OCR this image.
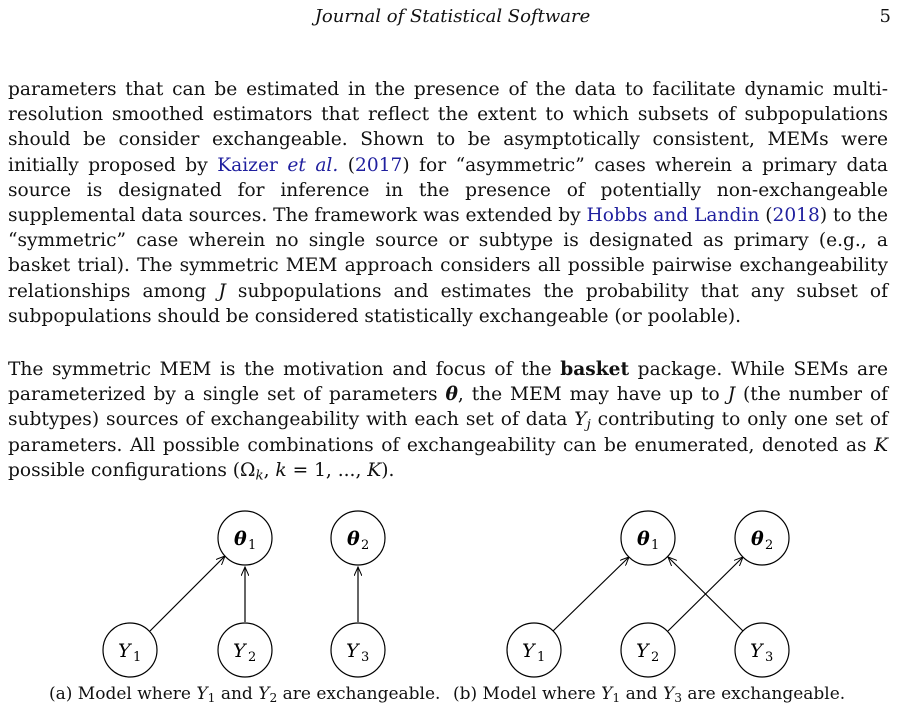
Journal of Statistical Software	5

parameters that can be estimated in the presence of the data to facilitate dynamic multi-resolution smoothed estimators that reflect the extent to which subsets of subpopulations should be consider exchangeable. Shown to be asymptotically consistent, MEMs were initially proposed by Kaizer et al. (2017) for “asymmetric” cases wherein a primary data source is designated for inference in the presence of potentially non-exchangeable supplemental data sources. The framework was extended by Hobbs and Landin (2018) to the “symmetric” case wherein no single source or subtype is designated as primary (e.g., a basket trial). The symmetric MEM approach considers all possible pairwise exchangeability relationships among J subpopulations and estimates the probability that any subset of subpopulations should be considered statistically exchangeable (or poolable).

The symmetric MEM is the motivation and focus of the basket package. While SEMs are parameterized by a single set of parameters θ, the MEM may have up to J (the number of subtypes) sources of exchangeability with each set of data $Y_j$ contributing to only one set of parameters. All possible combinations of exchangeability can be enumerated, denoted as K possible configurations ($\Omega_k$, k = 1, ..., K).

θ 1	θ 2
Y 1	Y 2	Y 3
θ 1	θ 2
Y 1	Y 2	Y 3
(a) Model where $Y_1$ and $Y_2$ are exchangeable. (b) Model where $Y_1$ and $Y_3$ are exchangeable.
